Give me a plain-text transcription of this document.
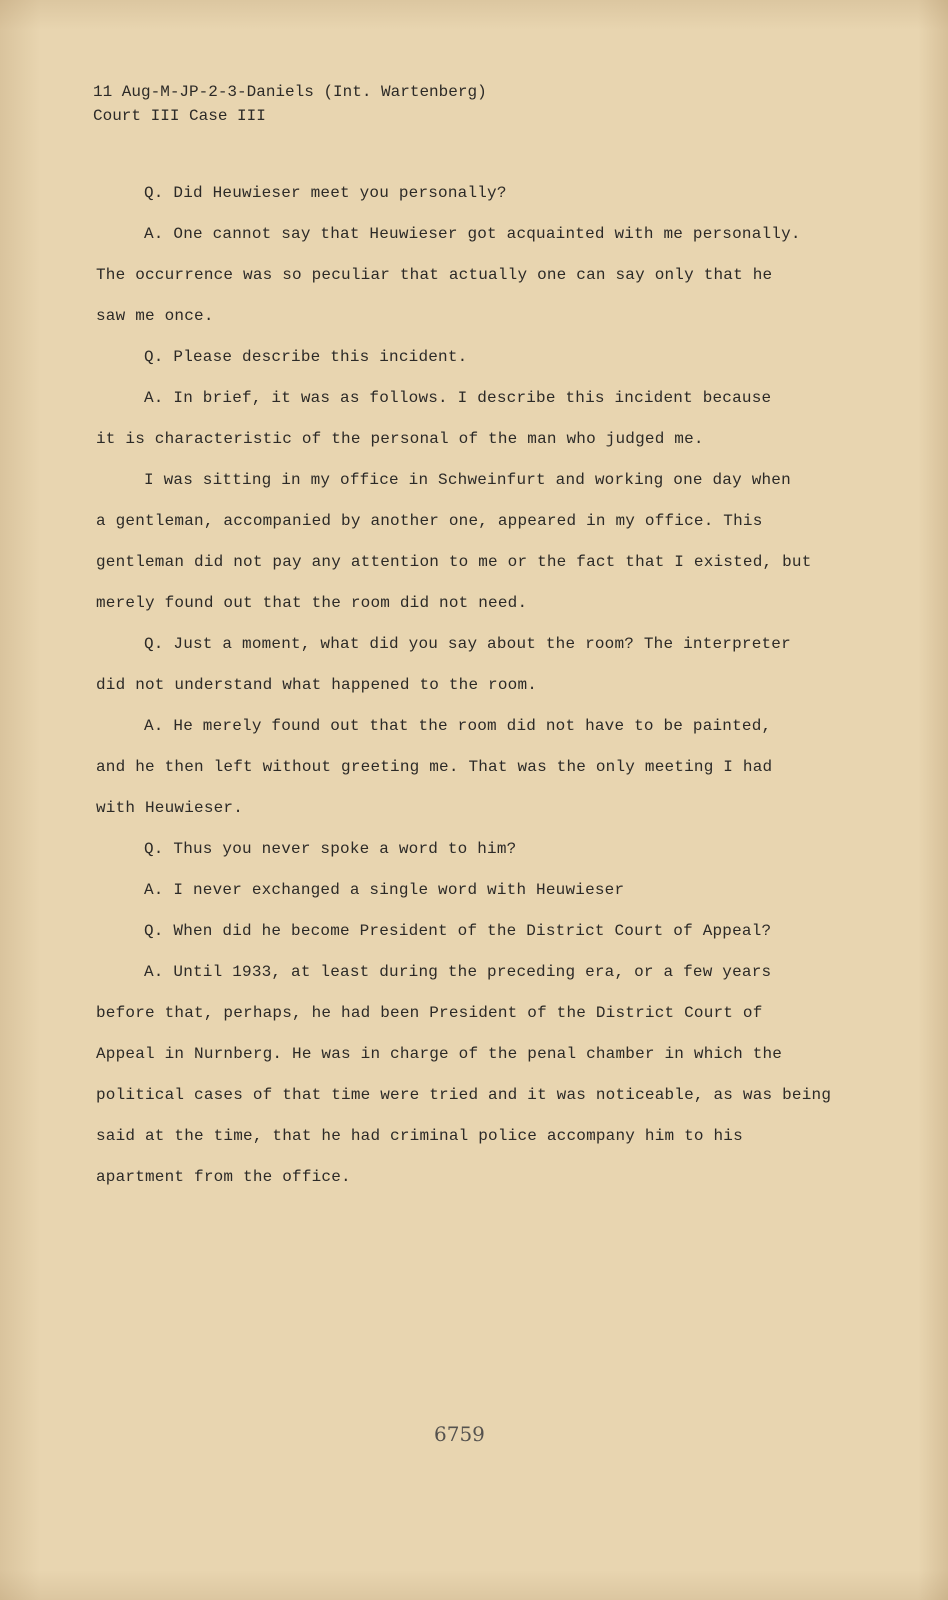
11 Aug-M-JP-2-3-Daniels (Int. Wartenberg)
Court III Case III
Q. Did Heuwieser meet you personally?
A. One cannot say that Heuwieser got acquainted with me personally.
The occurrence was so peculiar that actually one can say only that he
saw me once.
Q. Please describe this incident.
A. In brief, it was as follows. I describe this incident because
it is characteristic of the personal of the man who judged me.
I was sitting in my office in Schweinfurt and working one day when
a gentleman, accompanied by another one, appeared in my office. This
gentleman did not pay any attention to me or the fact that I existed, but
merely found out that the room did not need.
Q. Just a moment, what did you say about the room? The interpreter
did not understand what happened to the room.
A. He merely found out that the room did not have to be painted,
and he then left without greeting me. That was the only meeting I had
with Heuwieser.
Q. Thus you never spoke a word to him?
A. I never exchanged a single word with Heuwieser
Q. When did he become President of the District Court of Appeal?
A. Until 1933, at least during the preceding era, or a few years
before that, perhaps, he had been President of the District Court of
Appeal in Nurnberg. He was in charge of the penal chamber in which the
political cases of that time were tried and it was noticeable, as was being
said at the time, that he had criminal police accompany him to his
apartment from the office.
6759
